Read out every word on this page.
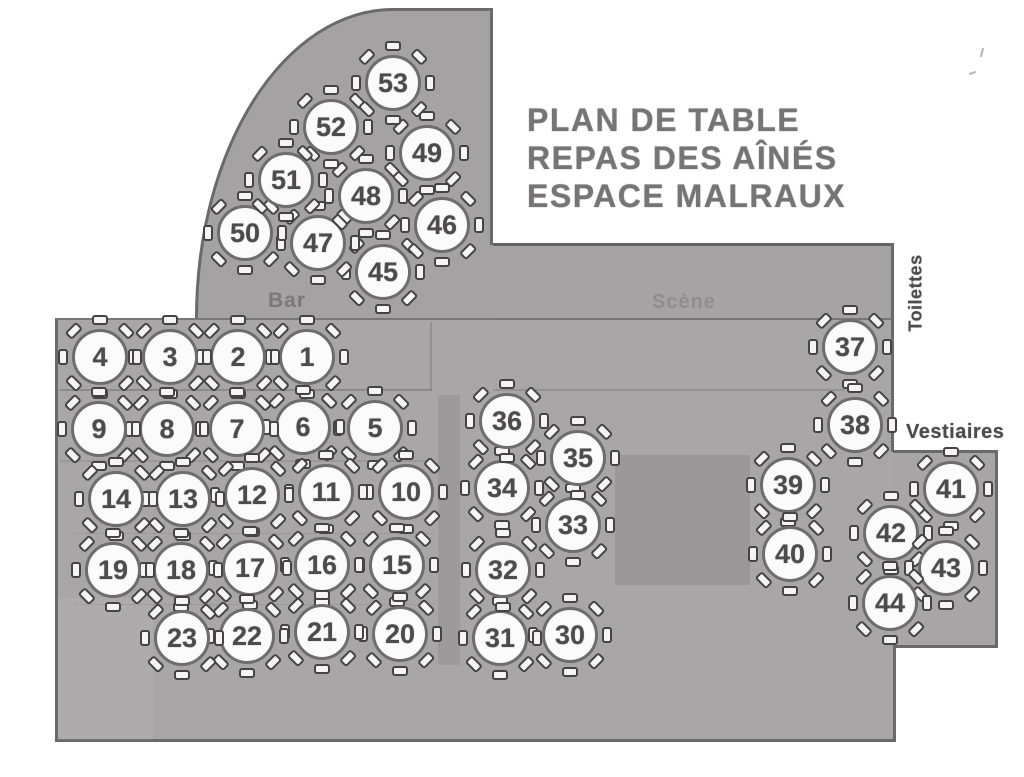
PLAN DE TABLE
REPAS DES AÎNÉS
ESPACE MALRAUX
Bar	Scène	Toilettes
Vestiaires
1
2
3
4
5
6
7
8
9
10
11
12
13
14
15
16
17
18
19
20
21
22
23	30
31
32
33
34
35
36
37
38
39
40
41
42
43
44
45
46
47
48
49
50
51
52
53
